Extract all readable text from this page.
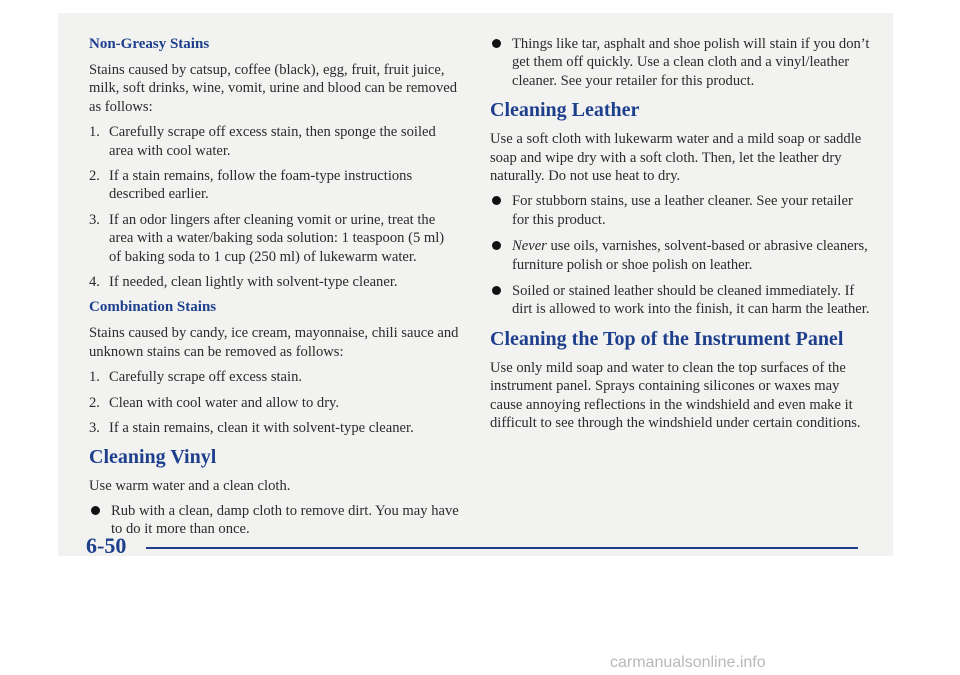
Non-Greasy Stains

Stains caused by catsup, coffee (black), egg, fruit, fruit juice, milk, soft drinks, wine, vomit, urine and blood can be removed as follows:

1. Carefully scrape off excess stain, then sponge the soiled area with cool water.
2. If a stain remains, follow the foam-type instructions described earlier.
3. If an odor lingers after cleaning vomit or urine, treat the area with a water/baking soda solution: 1 teaspoon (5 ml) of baking soda to 1 cup (250 ml) of lukewarm water.
4. If needed, clean lightly with solvent-type cleaner.
Combination Stains

Stains caused by candy, ice cream, mayonnaise, chili sauce and unknown stains can be removed as follows:

1. Carefully scrape off excess stain.
2. Clean with cool water and allow to dry.
3. If a stain remains, clean it with solvent-type cleaner.
Cleaning Vinyl

Use warm water and a clean cloth.

Rub with a clean, damp cloth to remove dirt. You may have to do it more than once.
Things like tar, asphalt and shoe polish will stain if you don’t get them off quickly. Use a clean cloth and a vinyl/leather cleaner. See your retailer for this product.
Cleaning Leather

Use a soft cloth with lukewarm water and a mild soap or saddle soap and wipe dry with a soft cloth. Then, let the leather dry naturally. Do not use heat to dry.

For stubborn stains, use a leather cleaner. See your retailer for this product.
Never use oils, varnishes, solvent-based or abrasive cleaners, furniture polish or shoe polish on leather.
Soiled or stained leather should be cleaned immediately. If dirt is allowed to work into the finish, it can harm the leather.
Cleaning the Top of the Instrument Panel

Use only mild soap and water to clean the top surfaces of the instrument panel. Sprays containing silicones or waxes may cause annoying reflections in the windshield and even make it difficult to see through the windshield under certain conditions.

6-50
carmanualsonline.info
